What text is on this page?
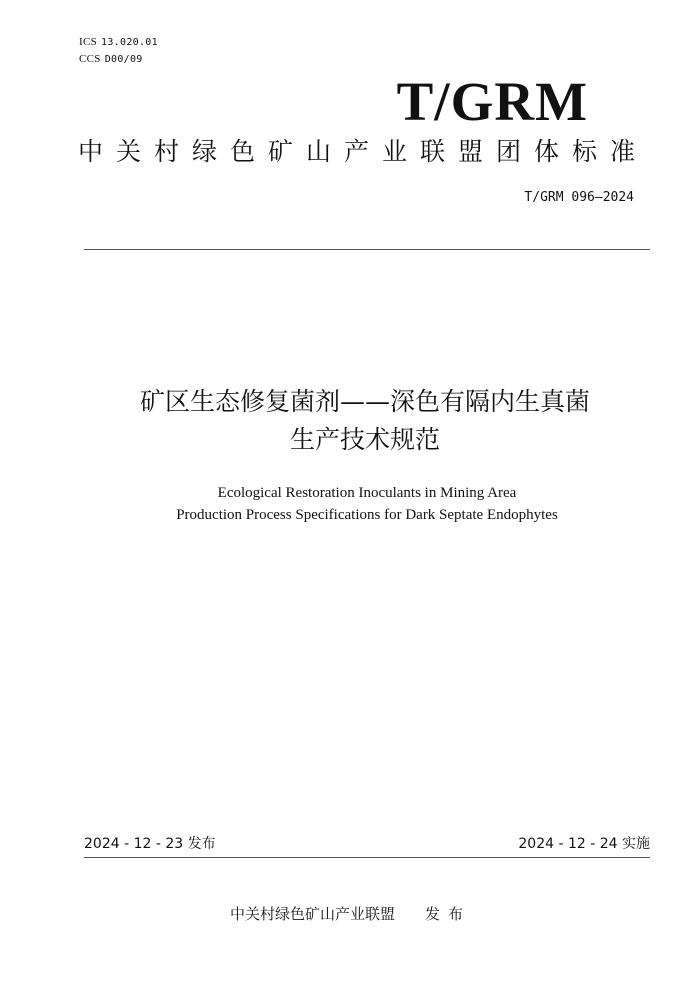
ICS 13.020.01
CCS D00/09
T/GRM
中关村绿色矿山产业联盟团体标准
T/GRM 096—2024
矿区生态修复菌剂——深色有隔内生真菌
生产技术规范
Ecological Restoration Inoculants in Mining Area
Production Process Specifications for Dark Septate Endophytes
2024 - 12 - 23 发布	2024 - 12 - 24 实施
中关村绿色矿山产业联盟 发布
